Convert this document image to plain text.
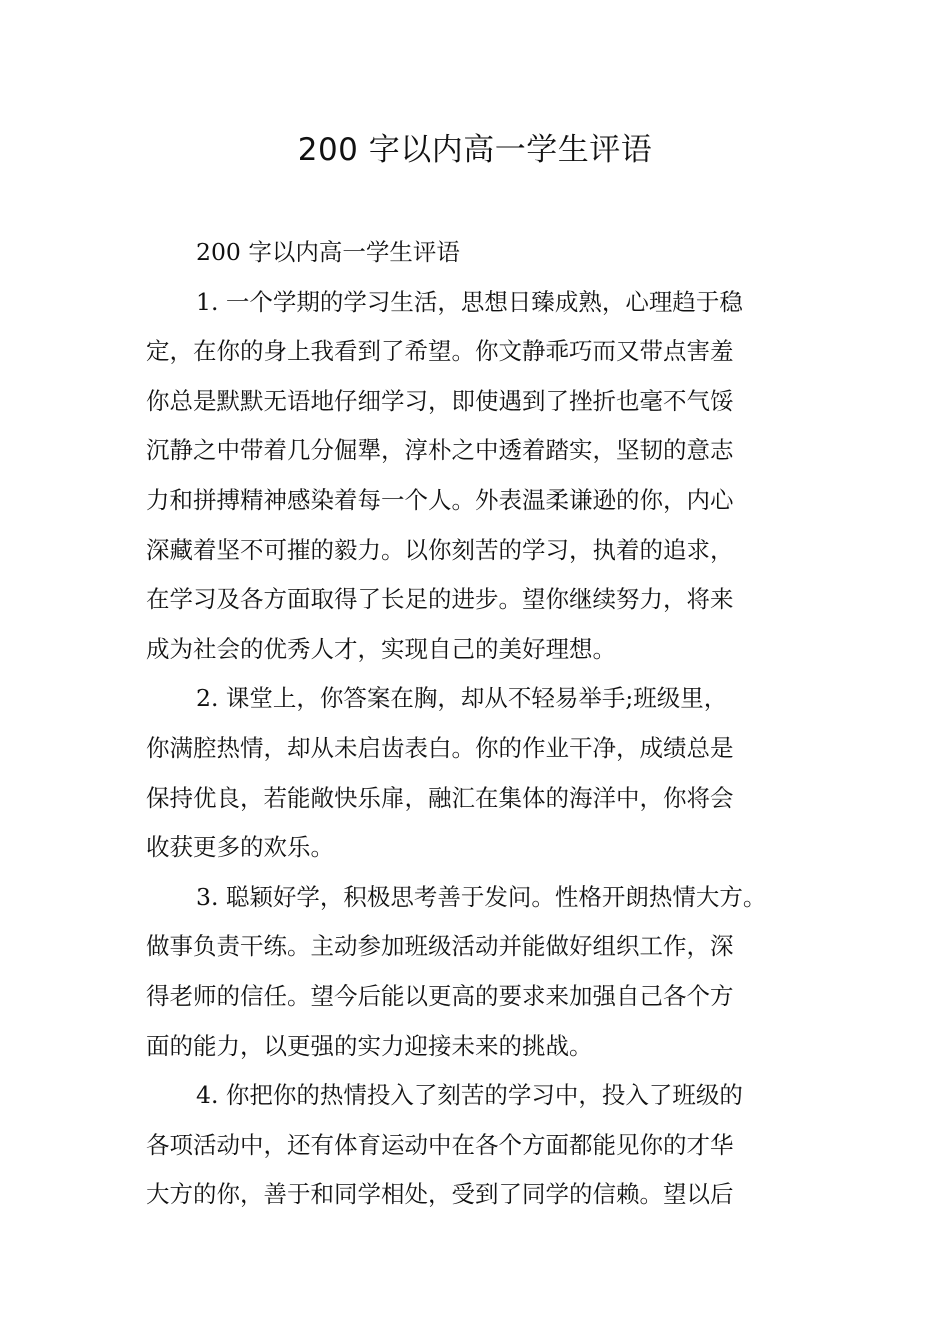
200 字以内高一学生评语
200 字以内高一学生评语
1. 一个学期的学习生活，思想日臻成熟，心理趋于稳
定，在你的身上我看到了希望。你文静乖巧而又带点害羞
你总是默默无语地仔细学习，即使遇到了挫折也毫不气馁
沉静之中带着几分倔犟，淳朴之中透着踏实，坚韧的意志
力和拼搏精神感染着每一个人。外表温柔谦逊的你，内心
深藏着坚不可摧的毅力。以你刻苦的学习，执着的追求，
在学习及各方面取得了长足的进步。望你继续努力，将来
成为社会的优秀人才，实现自己的美好理想。
2. 课堂上，你答案在胸，却从不轻易举手;班级里，
你满腔热情，却从未启齿表白。你的作业干净，成绩总是
保持优良，若能敞快乐扉，融汇在集体的海洋中，你将会
收获更多的欢乐。
3. 聪颖好学，积极思考善于发问。性格开朗热情大方。
做事负责干练。主动参加班级活动并能做好组织工作，深
得老师的信任。望今后能以更高的要求来加强自己各个方
面的能力，以更强的实力迎接未来的挑战。
4. 你把你的热情投入了刻苦的学习中，投入了班级的
各项活动中，还有体育运动中在各个方面都能见你的才华
大方的你，善于和同学相处，受到了同学的信赖。望以后
